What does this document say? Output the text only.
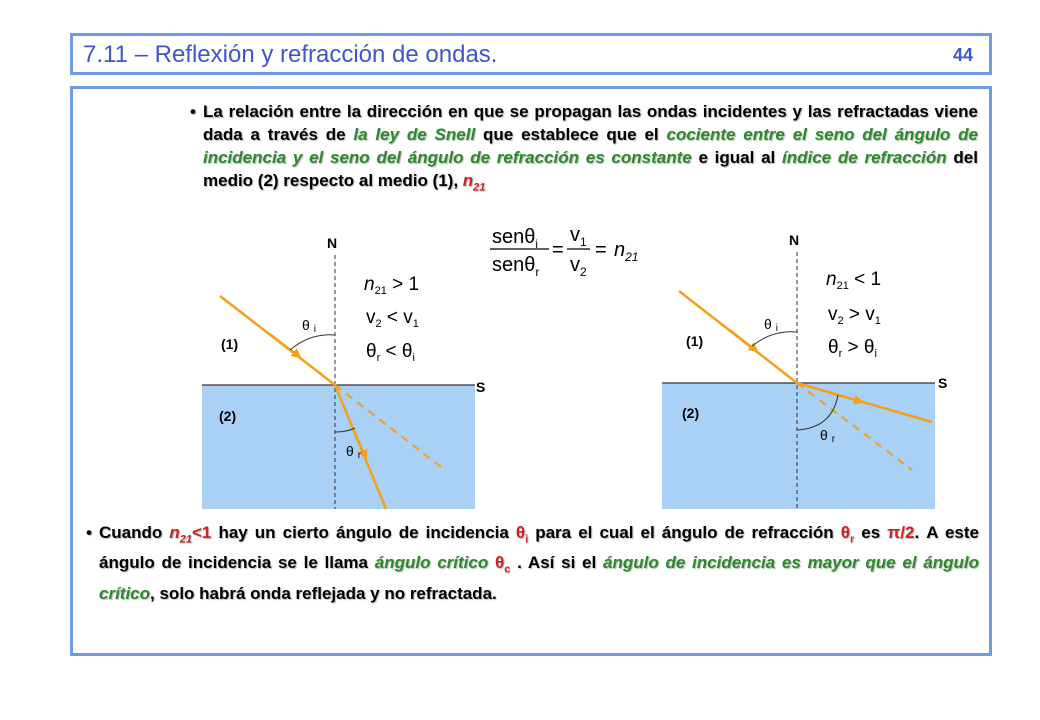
7.11 – Reflexión y refracción de ondas.	44
• La relación entre la dirección en que se propagan las ondas incidentes y las refractadas viene dada a través de la ley de Snell que establece que el cociente entre el seno del ángulo de incidencia y el seno del ángulo de refracción es constante e igual al índice de refracción del medio (2) respecto al medio (1), $n_{21}$
• Cuando $n_{21}<1$ hay un cierto ángulo de incidencia $\theta_i$ para el cual el ángulo de refracción $\theta_r$ es π/2. A este ángulo de incidencia se le llama ángulo crítico $\theta_c$ . Así si el ángulo de incidencia es mayor que el ángulo crítico, solo habrá onda reflejada y no refractada.
senθ$_i$
senθ$_r$
=
$v_1$
$v_2$
= $n_{21}$
N
S
(1)
(2)
θ i
θ r
$n_{21} > 1$
$v_2 < v_1$
$\theta_r < \theta_i$
N
S
(1)
(2)
θ i
θ r
$n_{21} < 1$
$v_2 > v_1$
$\theta_r > \theta_i$
